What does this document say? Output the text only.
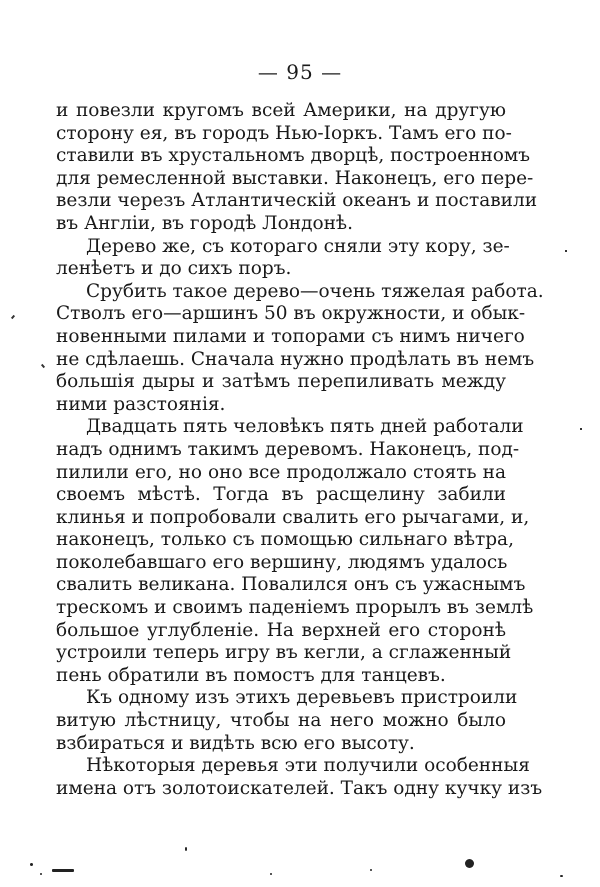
— 95 —
и повезли кругомъ всей Америки, на другую
сторону ея, въ городъ Нью-Іоркъ. Тамъ его по-
ставили въ хрустальномъ дворцѣ, построенномъ
для ремесленной выставки. Наконецъ, его пере-
везли черезъ Атлантическій океанъ и поставили
въ Англіи, въ городѣ Лондонѣ.
Дерево же, съ котораго сняли эту кору, зе-
ленѣетъ и до сихъ поръ.
Срубить такое дерево—очень тяжелая работа.
Стволъ его—аршинъ 50 въ окружности, и обык-
новенными пилами и топорами съ нимъ ничего
не сдѣлаешь. Сначала нужно продѣлать въ немъ
большія дыры и затѣмъ перепиливать между
ними разстоянія.
Двадцать пять человѣкъ пять дней работали
надъ однимъ такимъ деревомъ. Наконецъ, под-
пилили его, но оно все продолжало стоять на
своемъ мѣстѣ. Тогда въ расщелину забили
клинья и попробовали свалить его рычагами, и,
наконецъ, только съ помощью сильнаго вѣтра,
поколебавшаго его вершину, людямъ удалось
свалить великана. Повалился онъ съ ужаснымъ
трескомъ и своимъ паденіемъ прорылъ въ землѣ
большое углубленіе. На верхней его сторонѣ
устроили теперь игру въ кегли, а сглаженный
пень обратили въ помостъ для танцевъ.
Къ одному изъ этихъ деревьевъ пристроили
витую лѣстницу, чтобы на него можно было
взбираться и видѣть всю его высоту.
Нѣкоторыя деревья эти получили особенныя
имена отъ золотоискателей. Такъ одну кучку изъ
